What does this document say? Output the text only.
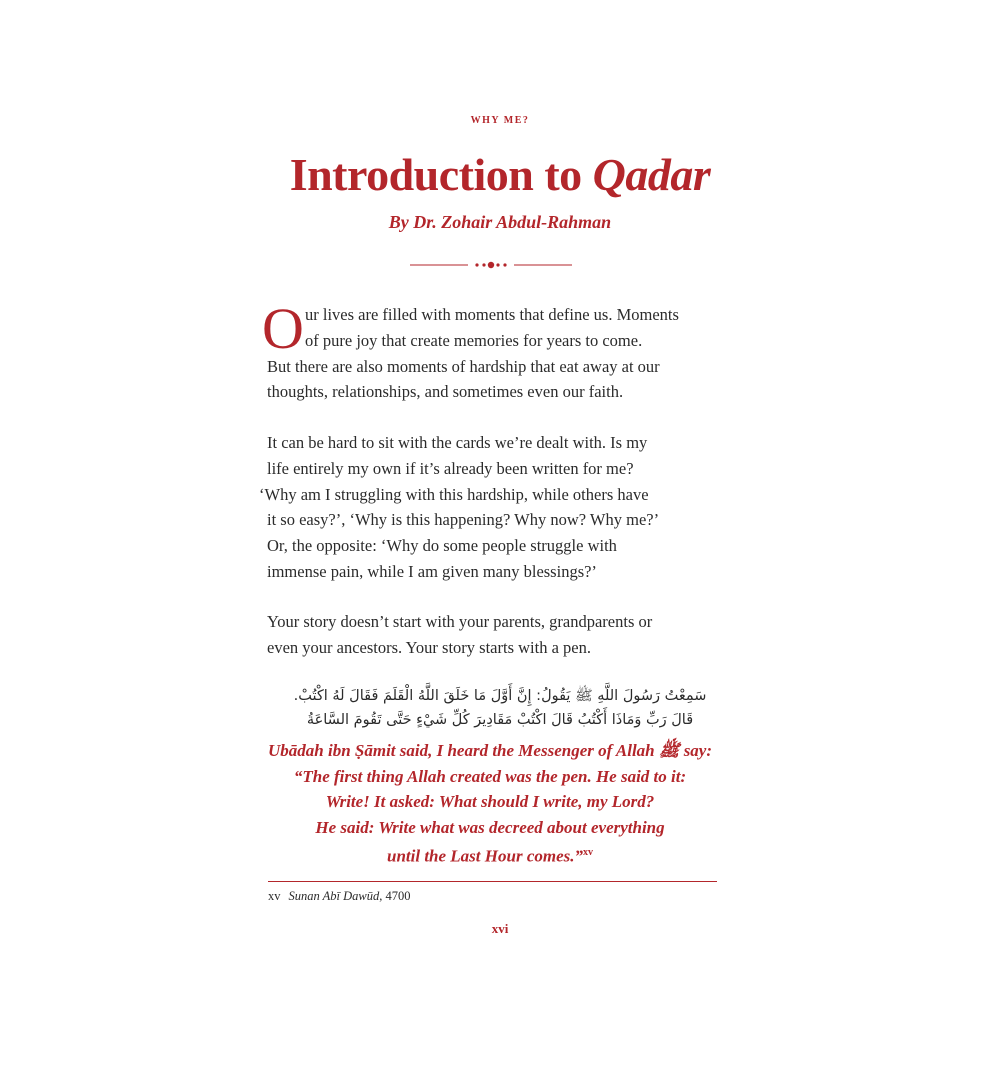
WHY ME?
Introduction to Qadar
By Dr. Zohair Abdul-Rahman
O ur lives are filled with moments that define us. Moments
of pure joy that create memories for years to come.
But there are also moments of hardship that eat away at our
thoughts, relationships, and sometimes even our faith.
It can be hard to sit with the cards we’re dealt with. Is my
life entirely my own if it’s already been written for me?
‘Why am I struggling with this hardship, while others have
it so easy?’, ‘Why is this happening? Why now? Why me?’
Or, the opposite: ‘Why do some people struggle with
immense pain, while I am given many blessings?’
Your story doesn’t start with your parents, grandparents or
even your ancestors. Your story starts with a pen.
سَمِعْتُ رَسُولَ اللَّهِ ﷺ يَقُولُ: إِنَّ أَوَّلَ مَا خَلَقَ اللَّهُ الْقَلَمَ فَقَالَ لَهُ اكْتُبْ.
قَالَ رَبِّ وَمَاذَا أَكْتُبُ قَالَ اكْتُبْ مَقَادِيرَ كُلِّ شَيْءٍ حَتَّى تَقُومَ السَّاعَةُ
Ubādah ibn Ṣāmit said, I heard the Messenger of Allah ﷺ say:
“The first thing Allah created was the pen. He said to it:
Write! It asked: What should I write, my Lord?
He said: Write what was decreed about everything
until the Last Hour comes.”$^{xv}$
xv Sunan Abī Dawūd, 4700
xvi
